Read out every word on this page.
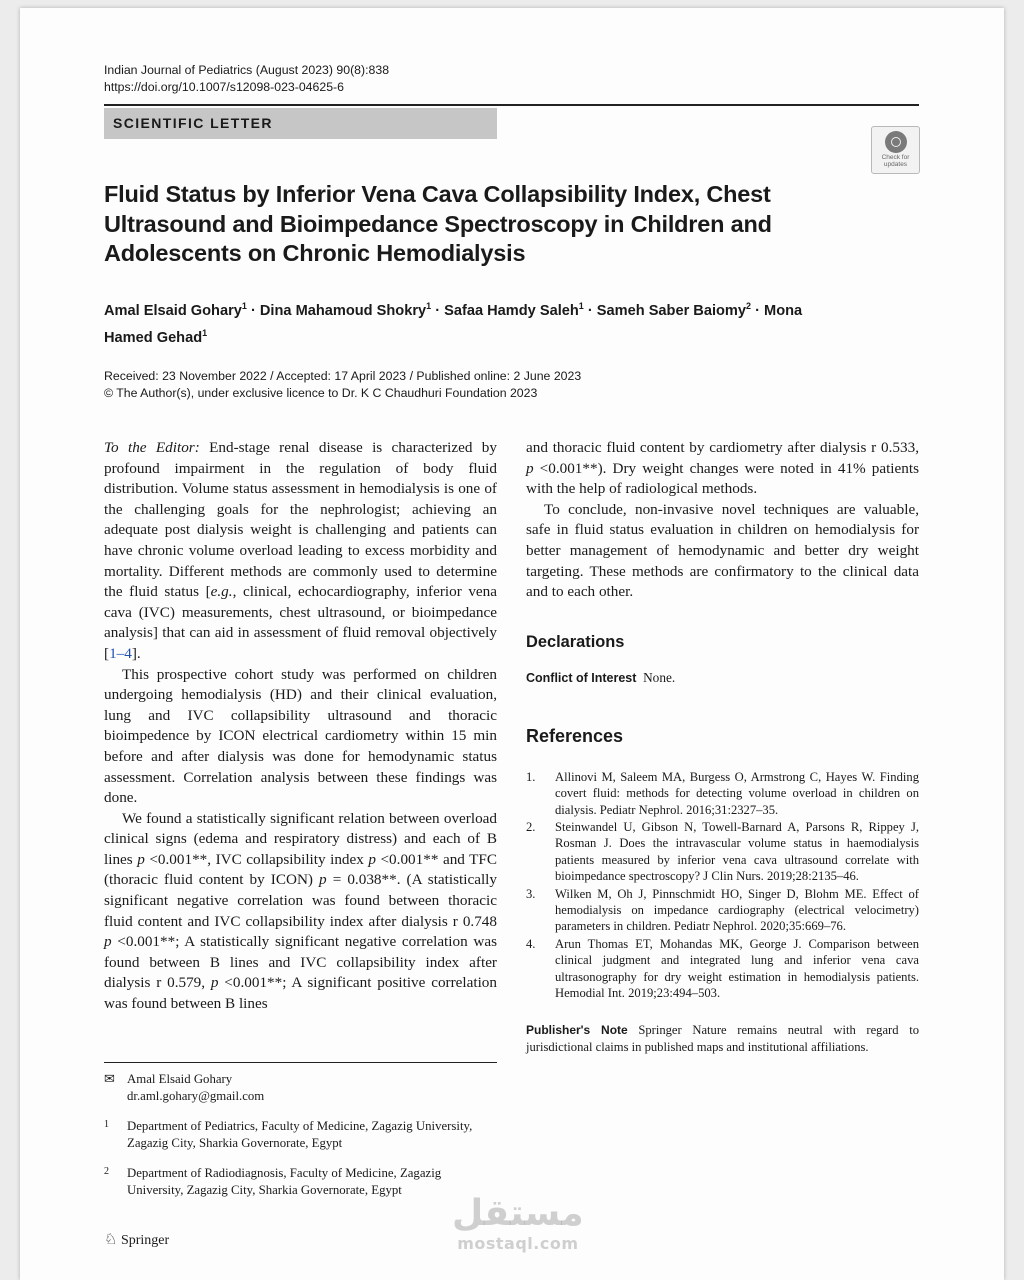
Indian Journal of Pediatrics (August 2023) 90(8):838
https://doi.org/10.1007/s12098-023-04625-6
SCIENTIFIC LETTER
Check for
updates
Fluid Status by Inferior Vena Cava Collapsibility Index, Chest Ultrasound and Bioimpedance Spectroscopy in Children and Adolescents on Chronic Hemodialysis
Amal Elsaid Gohary$^1$ · Dina Mahamoud Shokry$^1$ · Safaa Hamdy Saleh$^1$ · Sameh Saber Baiomy$^2$ · Mona Hamed Gehad$^1$
Received: 23 November 2022 / Accepted: 17 April 2023 / Published online: 2 June 2023
© The Author(s), under exclusive licence to Dr. K C Chaudhuri Foundation 2023

To the Editor: End-stage renal disease is characterized by profound impairment in the regulation of body fluid distribution. Volume status assessment in hemodialysis is one of the challenging goals for the nephrologist; achieving an adequate post dialysis weight is challenging and patients can have chronic volume overload leading to excess morbidity and mortality. Different methods are commonly used to determine the fluid status [e.g., clinical, echocardiography, inferior vena cava (IVC) measurements, chest ultrasound, or bioimpedance analysis] that can aid in assessment of fluid removal objectively [1–4].

This prospective cohort study was performed on children undergoing hemodialysis (HD) and their clinical evaluation, lung and IVC collapsibility ultrasound and thoracic bioimpedence by ICON electrical cardiometry within 15 min before and after dialysis was done for hemodynamic status assessment. Correlation analysis between these findings was done.

We found a statistically significant relation between overload clinical signs (edema and respiratory distress) and each of B lines p <0.001**, IVC collapsibility index p <0.001** and TFC (thoracic fluid content by ICON) p = 0.038**. (A statistically significant negative correlation was found between thoracic fluid content and IVC collapsibility index after dialysis r 0.748 p <0.001**; A statistically significant negative correlation was found between B lines and IVC collapsibility index after dialysis r 0.579, p <0.001**; A significant positive correlation was found between B lines

and thoracic fluid content by cardiometry after dialysis r 0.533, p <0.001**). Dry weight changes were noted in 41% patients with the help of radiological methods.

To conclude, non-invasive novel techniques are valuable, safe in fluid status evaluation in children on hemodialysis for better management of hemodynamic and better dry weight targeting. These methods are confirmatory to the clinical data and to each other.

Declarations
Conflict of Interest None.
References
1. Allinovi M, Saleem MA, Burgess O, Armstrong C, Hayes W. Finding covert fluid: methods for detecting volume overload in children on dialysis. Pediatr Nephrol. 2016;31:2327–35.
2. Steinwandel U, Gibson N, Towell-Barnard A, Parsons R, Rippey J, Rosman J. Does the intravascular volume status in haemodialysis patients measured by inferior vena cava ultrasound correlate with bioimpedance spectroscopy? J Clin Nurs. 2019;28:2135–46.
3. Wilken M, Oh J, Pinnschmidt HO, Singer D, Blohm ME. Effect of hemodialysis on impedance cardiography (electrical velocimetry) parameters in children. Pediatr Nephrol. 2020;35:669–76.
4. Arun Thomas ET, Mohandas MK, George J. Comparison between clinical judgment and integrated lung and inferior vena cava ultrasonography for dry weight estimation in hemodialysis patients. Hemodial Int. 2019;23:494–503.
Publisher's Note Springer Nature remains neutral with regard to jurisdictional claims in published maps and institutional affiliations.
✉ Amal Elsaid Gohary
dr.aml.gohary@gmail.com
1 Department of Pediatrics, Faculty of Medicine, Zagazig University, Zagazig City, Sharkia Governorate, Egypt
2 Department of Radiodiagnosis, Faculty of Medicine, Zagazig University, Zagazig City, Sharkia Governorate, Egypt
♘ Springer
مستقل
mostaql.com
